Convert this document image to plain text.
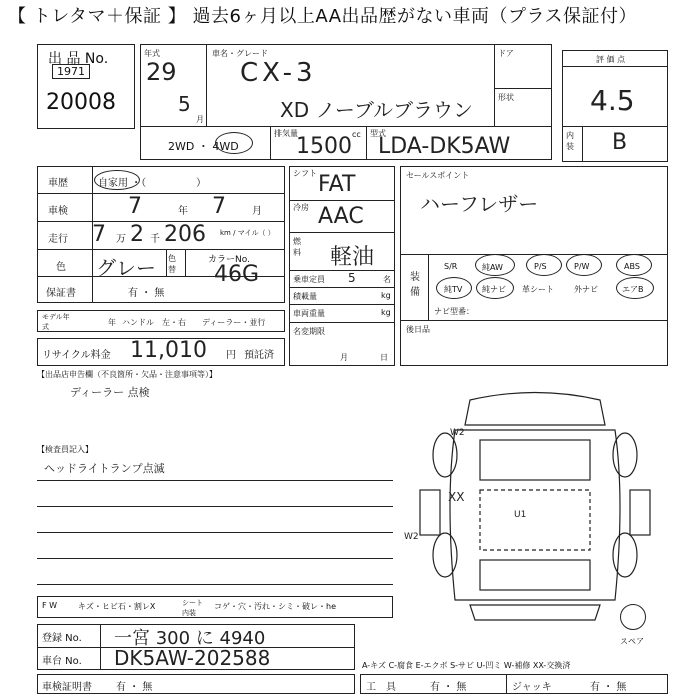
【 トレタマ＋保証 】 過去6ヶ月以上AA出品歴がない車両（プラス保証付）
出 品 No.
1971
20008
年式
29
5
月
車名・グレード
CX-3
XD ノーブルブラウン
ドア
形状
2WD ・ 4WD
排気量
1500 cc 型式
LDA-DK5AW
評 価 点
4.5
内装 B
車歴	自家用 ・（　　　　　）
車検	7	年 7	月
走行 7 万 2 千 206 km / マイル（ ）
色 グレー 色替
カラーNo.
46G
保証書	有 ・ 無
モデル年式	年 ハンドル　左・右 ディーラー・並行
リサイクル料金 11,010 円 預託済
シフト FAT
冷房 AAC
燃料 軽油
乗車定員 5	名
積載量	kg
車両重量	kg
名変期限
月	日
セールスポイント
ハーフレザー
装備
S/R	純AW	P/S	P/W	ABS
純TV 純ナビ 革シート	外ナビ	エアB
ナビ型番：
後日品
【出品店申告欄（不良箇所・欠品・注意事項等）】
ディーラー 点検
【検査員記入】
ヘッドライトランプ点滅
XX
U1
W2
W2
スペア
F W	キズ・ヒビ石・割レX	シート内装
コゲ・穴・汚れ・シミ・破レ・he
登録 No. 一宮 300 に 4940
車台 No. DK5AW-202588	A-キズ C-腐食 E-エクボ S-サビ U-凹ミ W-補修 XX-交換済
車検証明書 有 ・ 無	工　具	有 ・ 無	ジャッキ	有 ・ 無
